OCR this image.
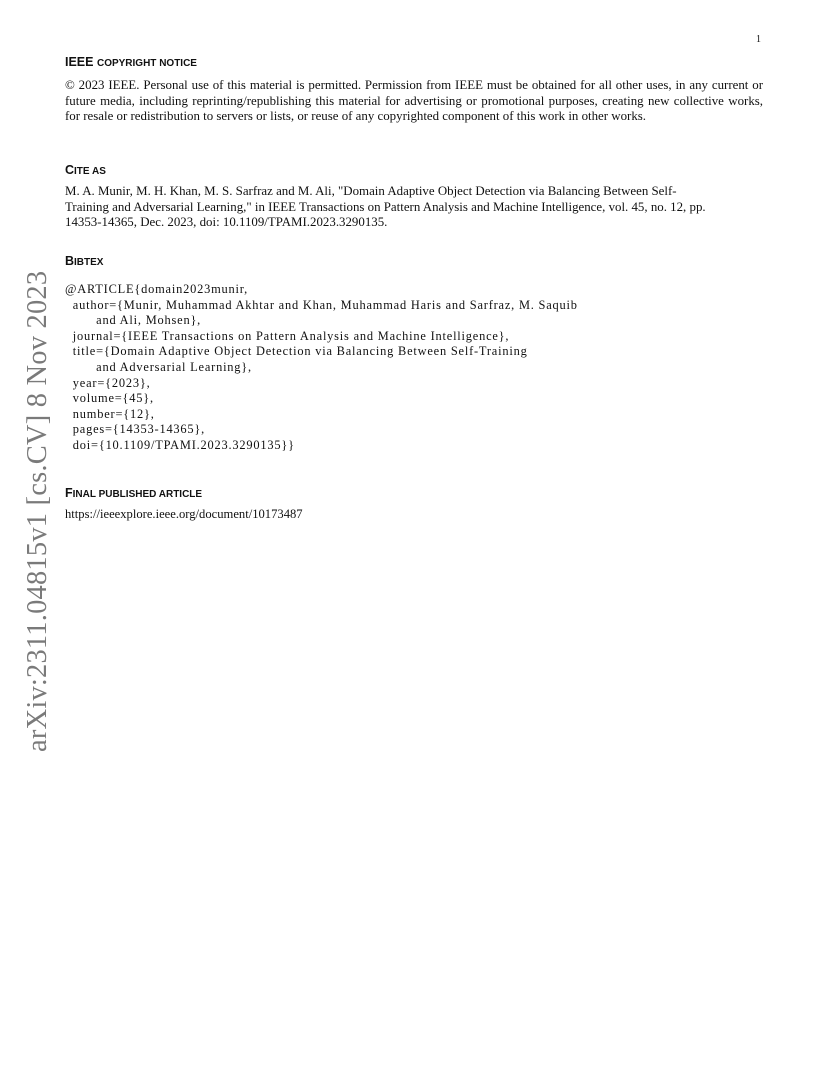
1
arXiv:2311.04815v1 [cs.CV] 8 Nov 2023
IEEE COPYRIGHT NOTICE

© 2023 IEEE. Personal use of this material is permitted. Permission from IEEE must be obtained for all other uses, in any current or future media, including reprinting/republishing this material for advertising or promotional purposes, creating new collective works, for resale or redistribution to servers or lists, or reuse of any copyrighted component of this work in other works.

CITE AS

M. A. Munir, M. H. Khan, M. S. Sarfraz and M. Ali, "Domain Adaptive Object Detection via Balancing Between Self-
Training and Adversarial Learning," in IEEE Transactions on Pattern Analysis and Machine Intelligence, vol. 45, no. 12, pp.
14353-14365, Dec. 2023, doi: 10.1109/TPAMI.2023.3290135.

BIBTEX
@ARTICLE{domain2023munir,
author={Munir, Muhammad Akhtar and Khan, Muhammad Haris and Sarfraz, M. Saquib
and Ali, Mohsen},
journal={IEEE Transactions on Pattern Analysis and Machine Intelligence},
title={Domain Adaptive Object Detection via Balancing Between Self-Training
and Adversarial Learning},
year={2023},
volume={45},
number={12},
pages={14353-14365},
doi={10.1109/TPAMI.2023.3290135}}
FINAL PUBLISHED ARTICLE

https://ieeexplore.ieee.org/document/10173487
